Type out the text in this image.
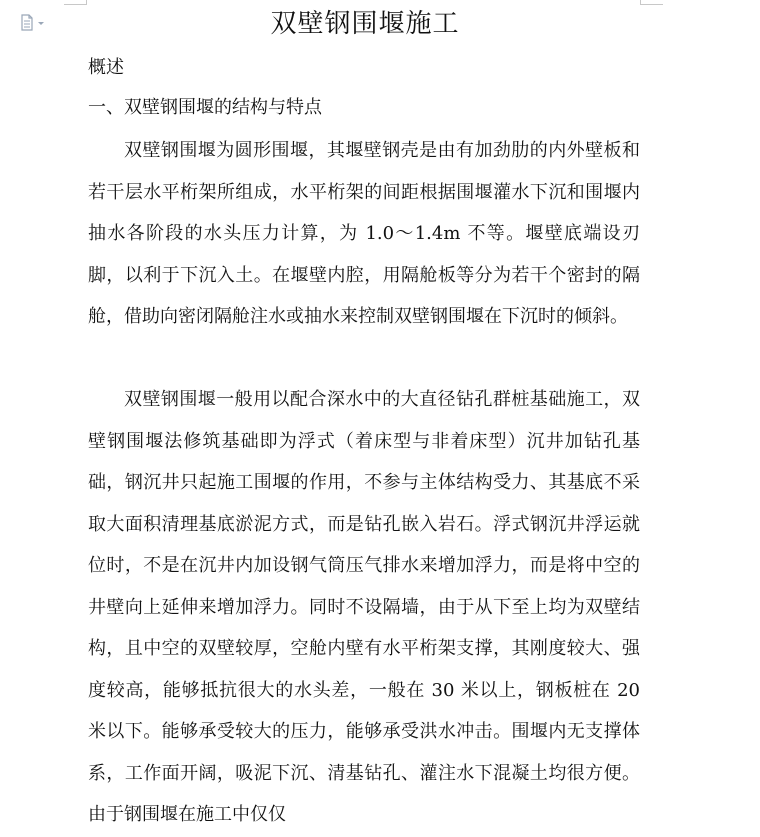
双壁钢围堰施工
概述
一、双壁钢围堰的结构与特点

双壁钢围堰为圆形围堰，其堰壁钢壳是由有加劲肋的内外壁板和若干层水平桁架所组成，水平桁架的间距根据围堰灌水下沉和围堰内抽水各阶段的水头压力计算，为 1.0～1.4m 不等。堰壁底端设刃脚，以利于下沉入土。在堰壁内腔，用隔舱板等分为若干个密封的隔舱，借助向密闭隔舱注水或抽水来控制双壁钢围堰在下沉时的倾斜。

双壁钢围堰一般用以配合深水中的大直径钻孔群桩基础施工，双壁钢围堰法修筑基础即为浮式（着床型与非着床型）沉井加钻孔基础，钢沉井只起施工围堰的作用，不参与主体结构受力、其基底不采取大面积清理基底淤泥方式，而是钻孔嵌入岩石。浮式钢沉井浮运就位时，不是在沉井内加设钢气筒压气排水来增加浮力，而是将中空的井壁向上延伸来增加浮力。同时不设隔墙，由于从下至上均为双壁结构，且中空的双壁较厚，空舱内壁有水平桁架支撑，其刚度较大、强度较高，能够抵抗很大的水头差，一般在 30 米以上，钢板桩在 20 米以下。能够承受较大的压力，能够承受洪水冲击。围堰内无支撑体系，工作面开阔，吸泥下沉、清基钻孔、灌注水下混凝土均很方便。由于钢围堰在施工中仅仅
